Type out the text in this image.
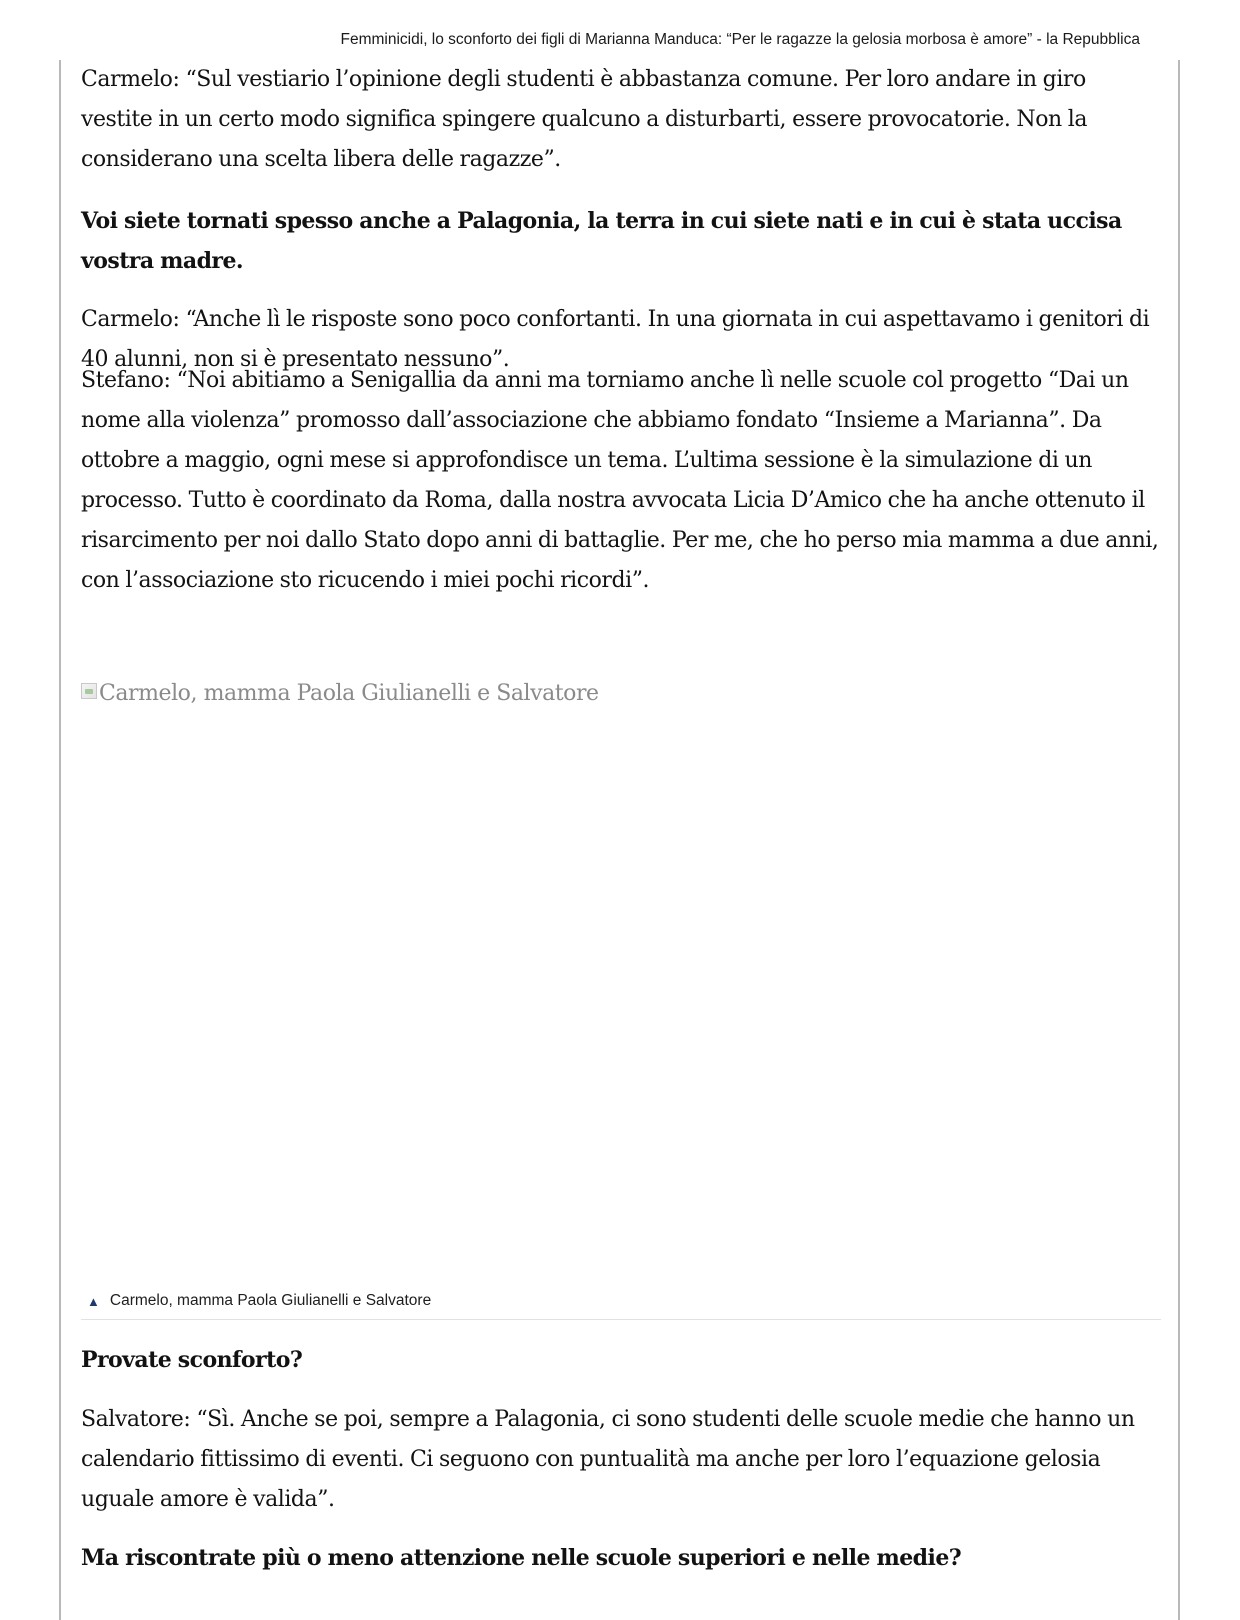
Femminicidi, lo sconforto dei figli di Marianna Manduca: “Per le ragazze la gelosia morbosa è amore” - la Repubblica

Carmelo: “Sul vestiario l’opinione degli studenti è abbastanza comune. Per loro andare in giro vestite in un certo modo significa spingere qualcuno a disturbarti, essere provocatorie. Non la considerano una scelta libera delle ragazze”.

Voi siete tornati spesso anche a Palagonia, la terra in cui siete nati e in cui è stata uccisa vostra madre.

Carmelo: “Anche lì le risposte sono poco confortanti. In una giornata in cui aspettavamo i genitori di 40 alunni, non si è presentato nessuno”.

Stefano: “Noi abitiamo a Senigallia da anni ma torniamo anche lì nelle scuole col progetto “Dai un nome alla violenza” promosso dall’associazione che abbiamo fondato “Insieme a Marianna”. Da ottobre a maggio, ogni mese si approfondisce un tema. L’ultima sessione è la simulazione di un processo. Tutto è coordinato da Roma, dalla nostra avvocata Licia D’Amico che ha anche ottenuto il risarcimento per noi dallo Stato dopo anni di battaglie. Per me, che ho perso mia mamma a due anni, con l’associazione sto ricucendo i miei pochi ricordi”.

Carmelo, mamma Paola Giulianelli e Salvatore
▲ Carmelo, mamma Paola Giulianelli e Salvatore

Provate sconforto?

Salvatore: “Sì. Anche se poi, sempre a Palagonia, ci sono studenti delle scuole medie che hanno un calendario fittissimo di eventi. Ci seguono con puntualità ma anche per loro l’equazione gelosia uguale amore è valida”.

Ma riscontrate più o meno attenzione nelle scuole superiori e nelle medie?
